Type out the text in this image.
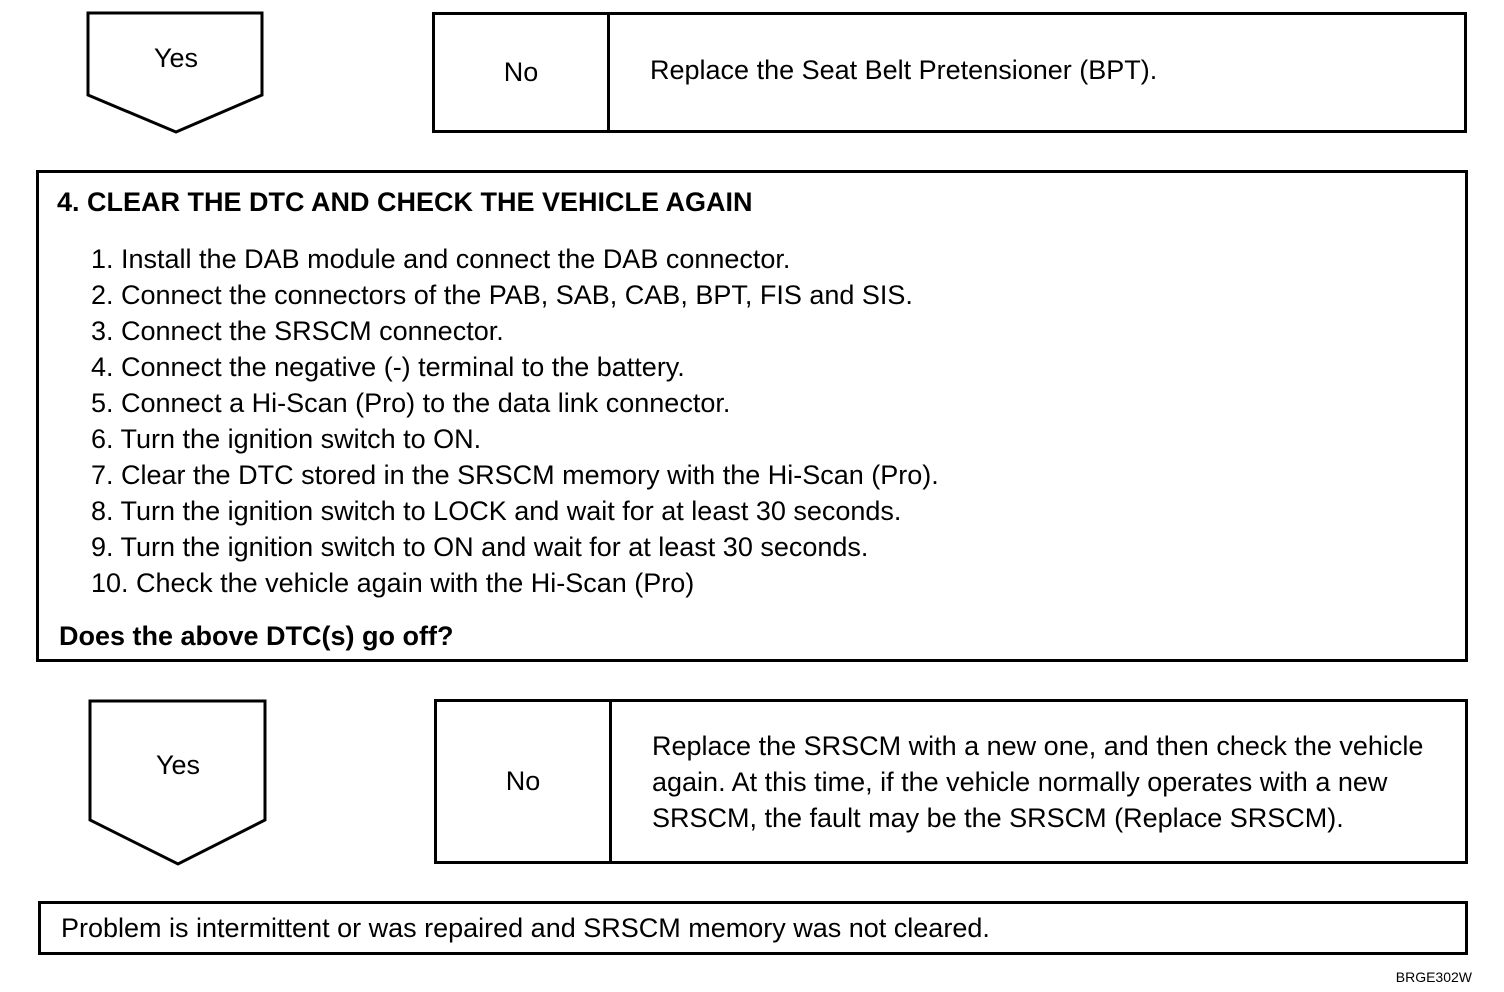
Yes	No	Replace the Seat Belt Pretensioner (BPT).
4. CLEAR THE DTC AND CHECK THE VEHICLE AGAIN
1. Install the DAB module and connect the DAB connector.
2. Connect the connectors of the PAB, SAB, CAB, BPT, FIS and SIS.
3. Connect the SRSCM connector.
4. Connect the negative (-) terminal to the battery.
5. Connect a Hi-Scan (Pro) to the data link connector.
6. Turn the ignition switch to ON.
7. Clear the DTC stored in the SRSCM memory with the Hi-Scan (Pro).
8. Turn the ignition switch to LOCK and wait for at least 30 seconds.
9. Turn the ignition switch to ON and wait for at least 30 seconds.
10. Check the vehicle again with the Hi-Scan (Pro)
Does the above DTC(s) go off?
Yes
No
Replace the SRSCM with a new one, and then check the vehicle again. At this time, if the vehicle normally operates with a new SRSCM, the fault may be the SRSCM (Replace SRSCM).
Problem is intermittent or was repaired and SRSCM memory was not cleared.
BRGE302W
